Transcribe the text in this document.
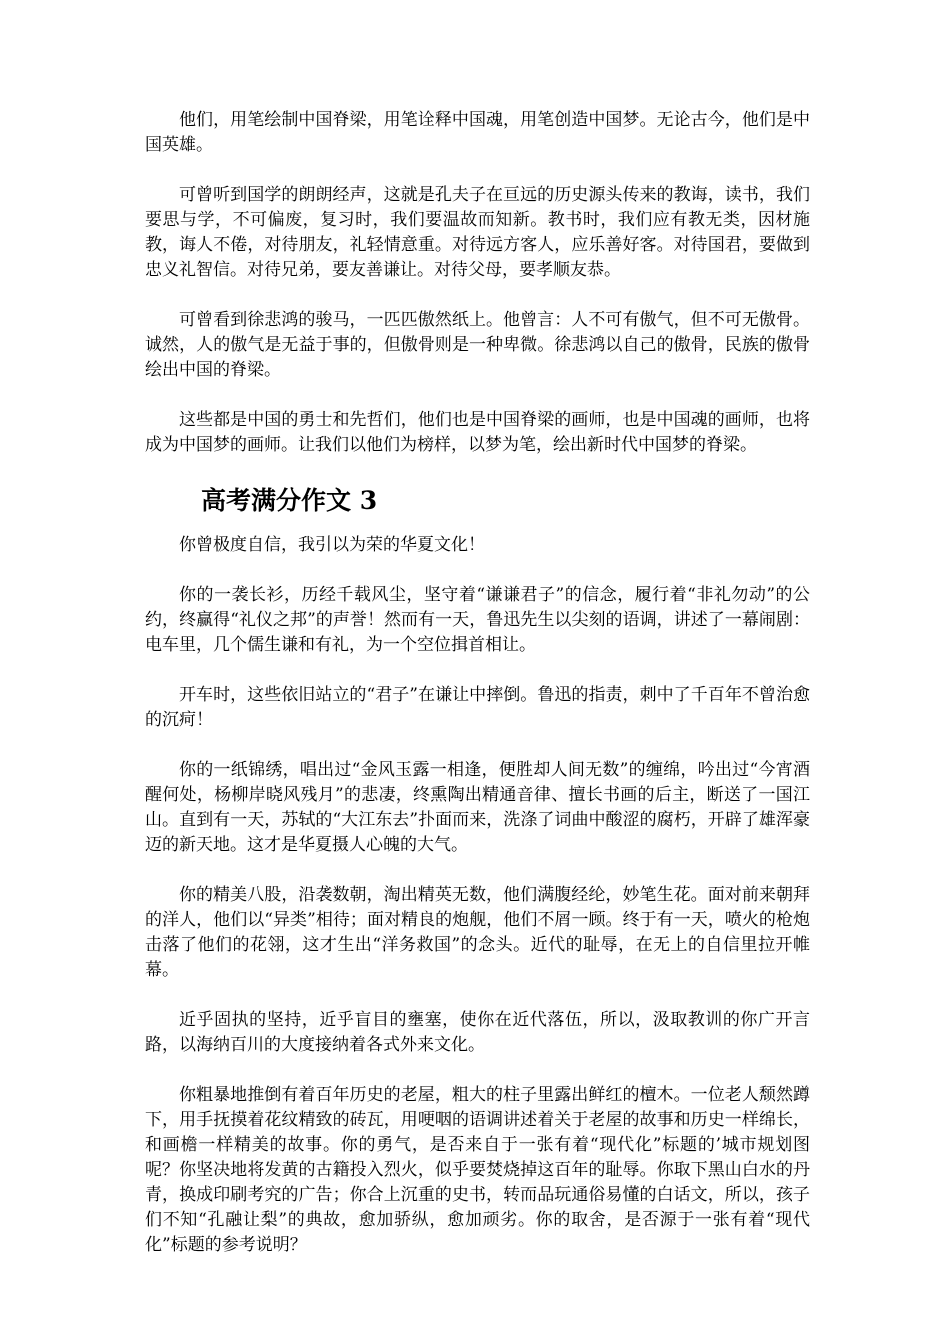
他们，用笔绘制中国脊梁，用笔诠释中国魂，用笔创造中国梦。无论古今，他们是中国英雄。

可曾听到国学的朗朗经声，这就是孔夫子在亘远的历史源头传来的教诲，读书，我们要思与学，不可偏废，复习时，我们要温故而知新。教书时，我们应有教无类，因材施教，诲人不倦，对待朋友，礼轻情意重。对待远方客人，应乐善好客。对待国君，要做到忠义礼智信。对待兄弟，要友善谦让。对待父母，要孝顺友恭。

可曾看到徐悲鸿的骏马，一匹匹傲然纸上。他曾言：人不可有傲气，但不可无傲骨。诚然，人的傲气是无益于事的，但傲骨则是一种卑微。徐悲鸿以自己的傲骨，民族的傲骨绘出中国的脊梁。

这些都是中国的勇士和先哲们，他们也是中国脊梁的画师，也是中国魂的画师，也将成为中国梦的画师。让我们以他们为榜样，以梦为笔，绘出新时代中国梦的脊梁。

高考满分作文 3

你曾极度自信，我引以为荣的华夏文化！

你的一袭长衫，历经千载风尘，坚守着“谦谦君子”的信念，履行着“非礼勿动”的公约，终赢得“礼仪之邦”的声誉！然而有一天，鲁迅先生以尖刻的语调，讲述了一幕闹剧：电车里，几个儒生谦和有礼，为一个空位揖首相让。

开车时，这些依旧站立的“君子”在谦让中摔倒。鲁迅的指责，刺中了千百年不曾治愈的沉疴！

你的一纸锦绣，唱出过“金风玉露一相逢，便胜却人间无数”的缠绵，吟出过“今宵酒醒何处，杨柳岸晓风残月”的悲凄，终熏陶出精通音律、擅长书画的后主，断送了一国江山。直到有一天，苏轼的“大江东去”扑面而来，洗涤了词曲中酸涩的腐朽，开辟了雄浑豪迈的新天地。这才是华夏摄人心魄的大气。

你的精美八股，沿袭数朝，淘出精英无数，他们满腹经纶，妙笔生花。面对前来朝拜的洋人，他们以“异类”相待；面对精良的炮舰，他们不屑一顾。终于有一天，喷火的枪炮击落了他们的花翎，这才生出“洋务救国”的念头。近代的耻辱，在无上的自信里拉开帷幕。

近乎固执的坚持，近乎盲目的壅塞，使你在近代落伍，所以，汲取教训的你广开言路，以海纳百川的大度接纳着各式外来文化。

你粗暴地推倒有着百年历史的老屋，粗大的柱子里露出鲜红的檀木。一位老人颓然蹲下，用手抚摸着花纹精致的砖瓦，用哽咽的语调讲述着关于老屋的故事和历史一样绵长，和画檐一样精美的故事。你的勇气，是否来自于一张有着“现代化”标题的’城市规划图呢？你坚决地将发黄的古籍投入烈火，似乎要焚烧掉这百年的耻辱。你取下黑山白水的丹青，换成印刷考究的广告；你合上沉重的史书，转而品玩通俗易懂的白话文，所以，孩子们不知“孔融让梨”的典故，愈加骄纵，愈加顽劣。你的取舍，是否源于一张有着“现代化”标题的参考说明？
